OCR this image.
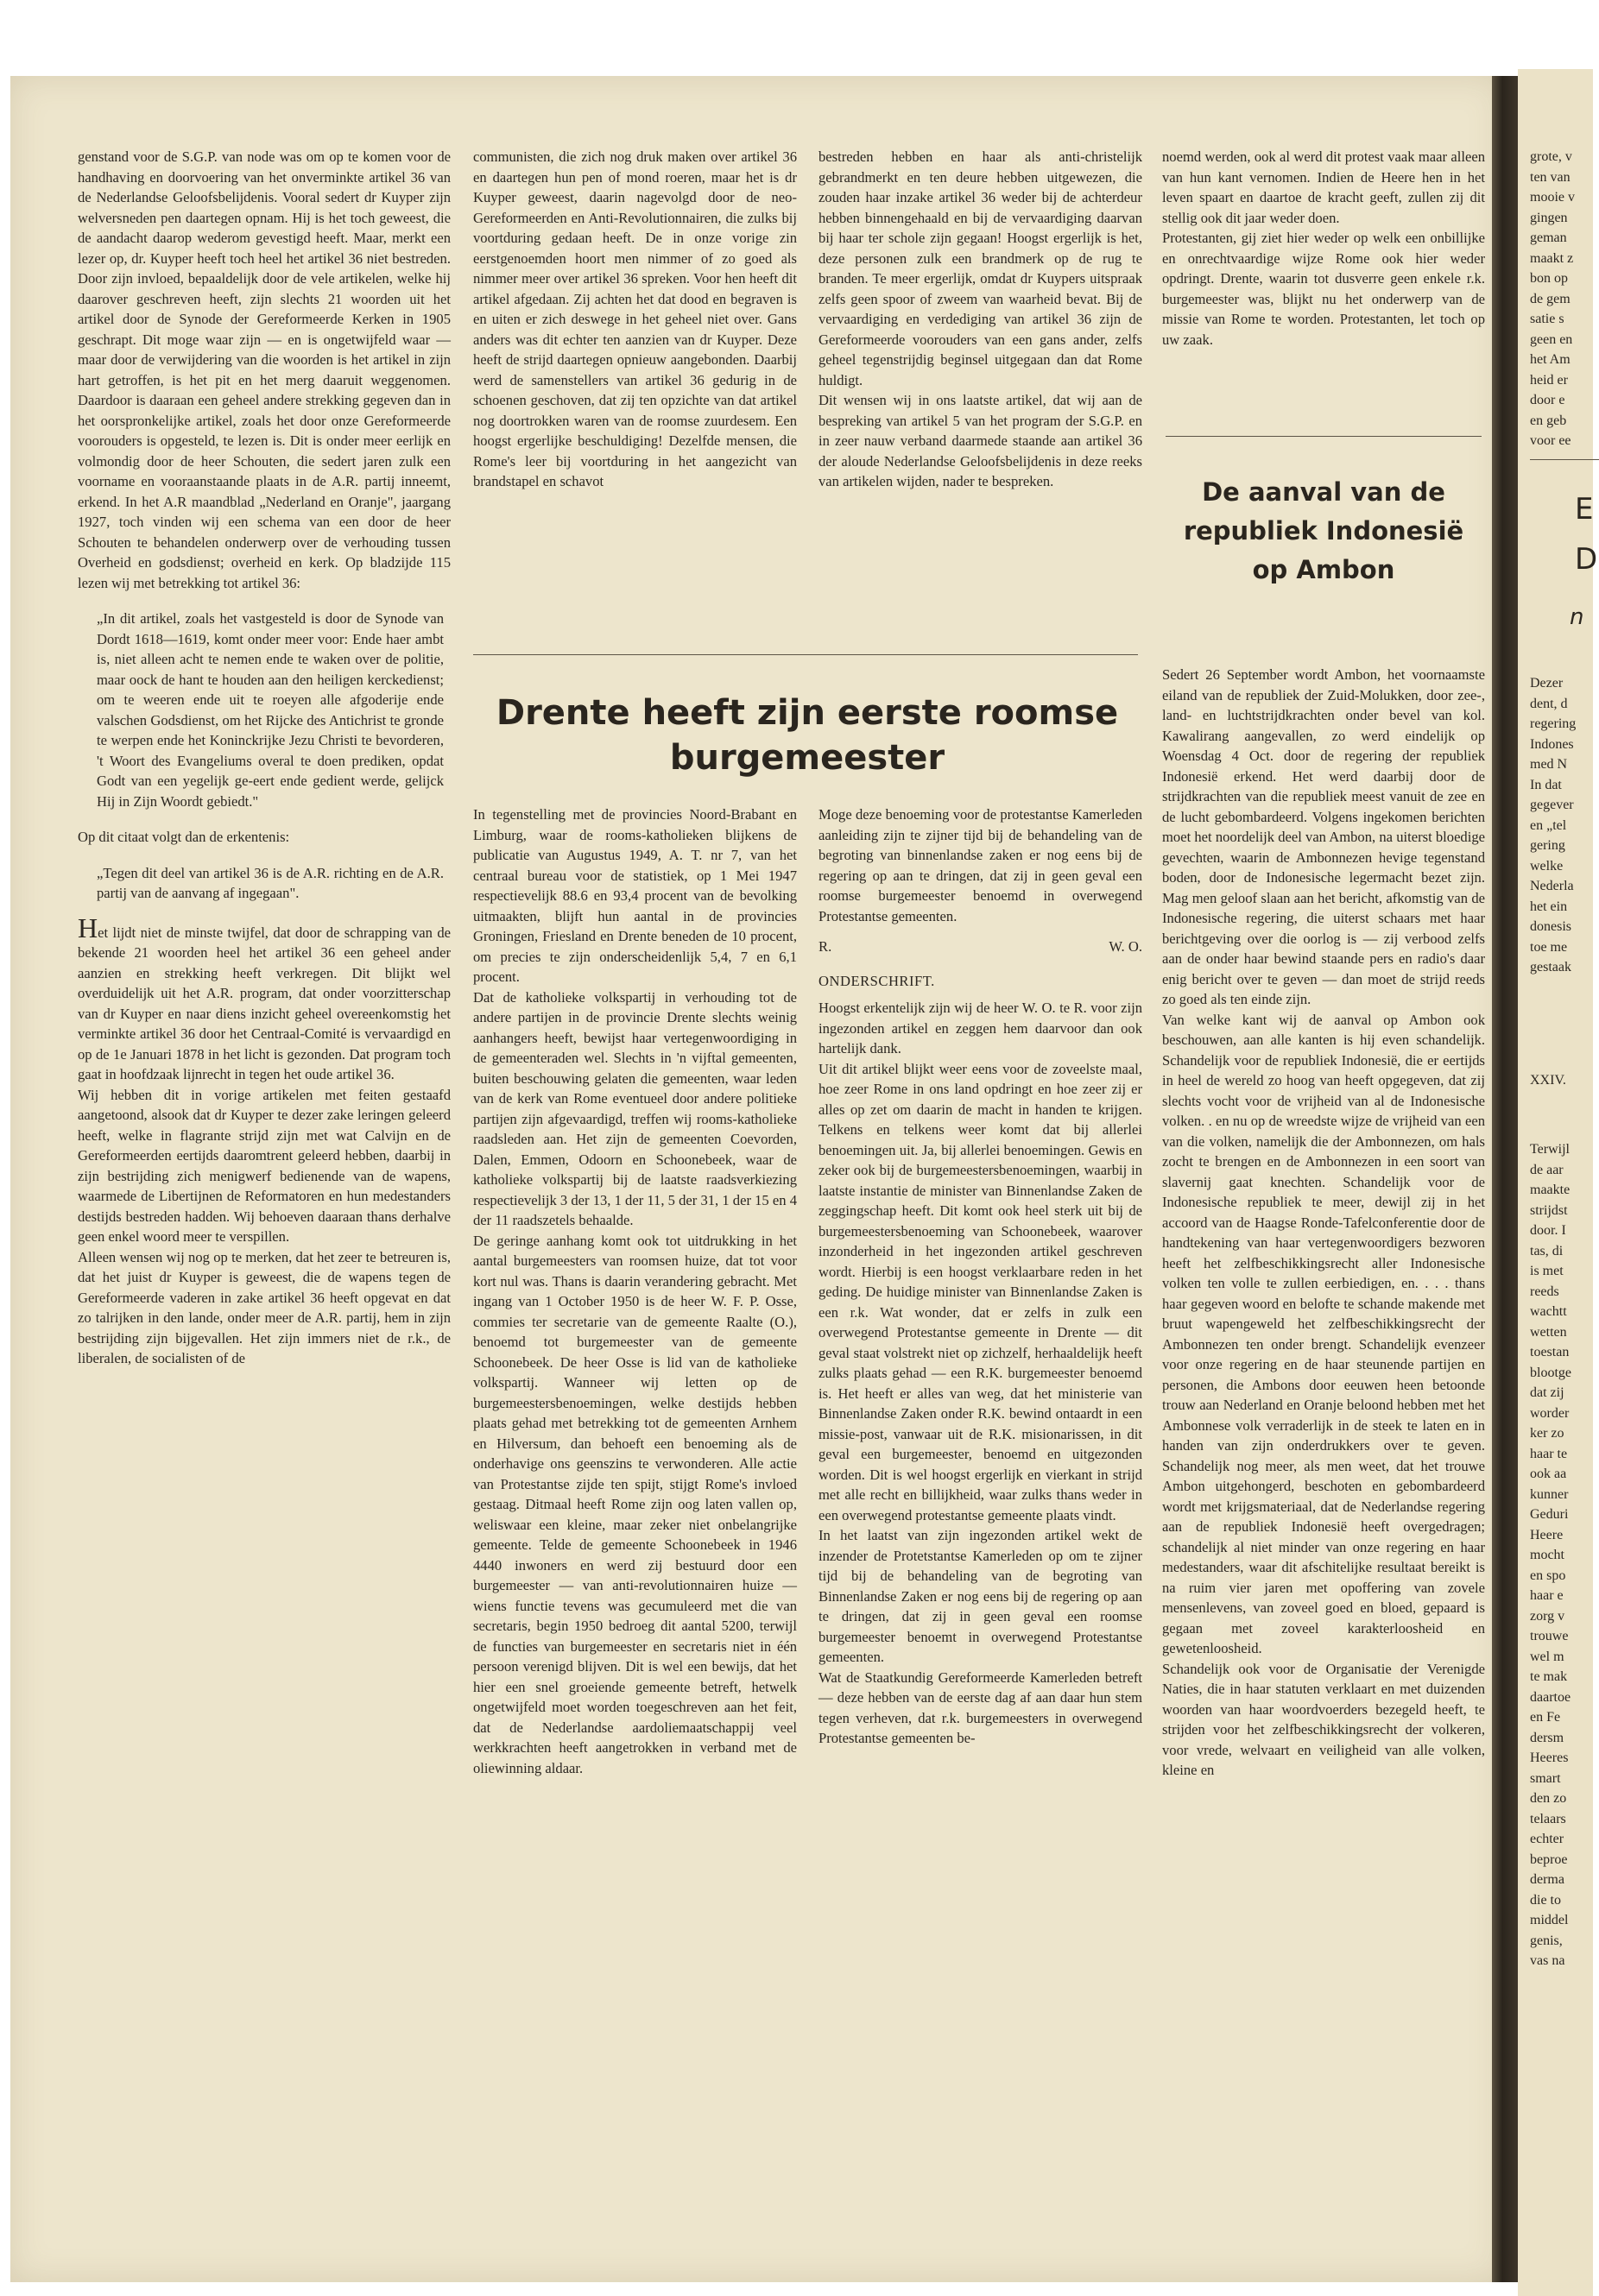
genstand voor de S.G.P. van node was om op te komen voor de handhaving en doorvoering van het onverminkte artikel 36 van de Nederlandse Geloofsbelijdenis. Vooral sedert dr Kuyper zijn welversneden pen daartegen opnam. Hij is het toch geweest, die de aandacht daarop wederom gevestigd heeft. Maar, merkt een lezer op, dr. Kuyper heeft toch heel het artikel 36 niet bestreden. Door zijn invloed, bepaaldelijk door de vele artikelen, welke hij daarover geschreven heeft, zijn slechts 21 woorden uit het artikel door de Synode der Gereformeerde Kerken in 1905 geschrapt. Dit moge waar zijn — en is ongetwijfeld waar — maar door de verwijdering van die woorden is het artikel in zijn hart getroffen, is het pit en het merg daaruit weggenomen. Daardoor is daaraan een geheel andere strekking gegeven dan in het oorspronkelijke artikel, zoals het door onze Gereformeerde voorouders is opgesteld, te lezen is. Dit is onder meer eerlijk en volmondig door de heer Schouten, die sedert jaren zulk een voorname en vooraanstaande plaats in de A.R. partij inneemt, erkend. In het A.R maandblad „Nederland en Oranje", jaargang 1927, toch vinden wij een schema van een door de heer Schouten te behandelen onderwerp over de verhouding tussen Overheid en godsdienst; overheid en kerk. Op bladzijde 115 lezen wij met betrekking tot artikel 36:

„In dit artikel, zoals het vastgesteld is door de Synode van Dordt 1618—1619, komt onder meer voor: Ende haer ambt is, niet alleen acht te nemen ende te waken over de politie, maar oock de hant te houden aan den heiligen kerckedienst; om te weeren ende uit te roeyen alle afgoderije ende valschen Godsdienst, om het Rijcke des Antichrist te gronde te werpen ende het Koninckrijke Jezu Christi te bevorderen, 't Woort des Evangeliums overal te doen prediken, opdat Godt van een yegelijk ge-eert ende gedient werde, gelijck Hij in Zijn Woordt gebiedt."

Op dit citaat volgt dan de erkentenis:

„Tegen dit deel van artikel 36 is de A.R. richting en de A.R. partij van de aanvang af ingegaan".

Het lijdt niet de minste twijfel, dat door de schrapping van de bekende 21 woorden heel het artikel 36 een geheel ander aanzien en strekking heeft verkregen. Dit blijkt wel overduidelijk uit het A.R. program, dat onder voorzitterschap van dr Kuyper en naar diens inzicht geheel overeenkomstig het verminkte artikel 36 door het Centraal-Comité is vervaardigd en op de 1e Januari 1878 in het licht is gezonden. Dat program toch gaat in hoofdzaak lijnrecht in tegen het oude artikel 36.

Wij hebben dit in vorige artikelen met feiten gestaafd aangetoond, alsook dat dr Kuyper te dezer zake leringen geleerd heeft, welke in flagrante strijd zijn met wat Calvijn en de Gereformeerden eertijds daaromtrent geleerd hebben, daarbij in zijn bestrijding zich menigwerf bedienende van de wapens, waarmede de Libertijnen de Reformatoren en hun medestanders destijds bestreden hadden. Wij behoeven daaraan thans derhalve geen enkel woord meer te verspillen.

Alleen wensen wij nog op te merken, dat het zeer te betreuren is, dat het juist dr Kuyper is geweest, die de wapens tegen de Gereformeerde vaderen in zake artikel 36 heeft opgevat en dat zo talrijken in den lande, onder meer de A.R. partij, hem in zijn bestrijding zijn bijgevallen. Het zijn immers niet de r.k., de liberalen, de socialisten of de

communisten, die zich nog druk maken over artikel 36 en daartegen hun pen of mond roeren, maar het is dr Kuyper geweest, daarin nagevolgd door de neo-Gereformeerden en Anti-Revolutionnairen, die zulks bij voortduring gedaan heeft. De in onze vorige zin eerstgenoemden hoort men nimmer of zo goed als nimmer meer over artikel 36 spreken. Voor hen heeft dit artikel afgedaan. Zij achten het dat dood en begraven is en uiten er zich deswege in het geheel niet over. Gans anders was dit echter ten aanzien van dr Kuyper. Deze heeft de strijd daartegen opnieuw aangebonden. Daarbij werd de samenstellers van artikel 36 gedurig in de schoenen geschoven, dat zij ten opzichte van dat artikel nog doortrokken waren van de roomse zuurdesem. Een hoogst ergerlijke beschuldiging! Dezelfde mensen, die Rome's leer bij voortduring in het aangezicht van brandstapel en schavot

bestreden hebben en haar als anti-christelijk gebrandmerkt en ten deure hebben uitgewezen, die zouden haar inzake artikel 36 weder bij de achterdeur hebben binnengehaald en bij de vervaardiging daarvan bij haar ter schole zijn gegaan! Hoogst ergerlijk is het, deze personen zulk een brandmerk op de rug te branden. Te meer ergerlijk, omdat dr Kuypers uitspraak zelfs geen spoor of zweem van waarheid bevat. Bij de vervaardiging en verdediging van artikel 36 zijn de Gereformeerde voorouders van een gans ander, zelfs geheel tegenstrijdig beginsel uitgegaan dan dat Rome huldigt.

Dit wensen wij in ons laatste artikel, dat wij aan de bespreking van artikel 5 van het program der S.G.P. en in zeer nauw verband daarmede staande aan artikel 36 der aloude Nederlandse Geloofsbelijdenis in deze reeks van artikelen wijden, nader te bespreken.

Drente heeft zijn eerste roomse burgemeester

In tegenstelling met de provincies Noord-Brabant en Limburg, waar de rooms-katholieken blijkens de publicatie van Augustus 1949, A. T. nr 7, van het centraal bureau voor de statistiek, op 1 Mei 1947 respectievelijk 88.6 en 93,4 procent van de bevolking uitmaakten, blijft hun aantal in de provincies Groningen, Friesland en Drente beneden de 10 procent, om precies te zijn onderscheidenlijk 5,4, 7 en 6,1 procent.

Dat de katholieke volkspartij in verhouding tot de andere partijen in de provincie Drente slechts weinig aanhangers heeft, bewijst haar vertegenwoordiging in de gemeenteraden wel. Slechts in 'n vijftal gemeenten, buiten beschouwing gelaten die gemeenten, waar leden van de kerk van Rome eventueel door andere politieke partijen zijn afgevaardigd, treffen wij rooms-katholieke raadsleden aan. Het zijn de gemeenten Coevorden, Dalen, Emmen, Odoorn en Schoonebeek, waar de katholieke volkspartij bij de laatste raadsverkiezing respectievelijk 3 der 13, 1 der 11, 5 der 31, 1 der 15 en 4 der 11 raadszetels behaalde.

De geringe aanhang komt ook tot uitdrukking in het aantal burgemeesters van roomsen huize, dat tot voor kort nul was. Thans is daarin verandering gebracht. Met ingang van 1 October 1950 is de heer W. F. P. Osse, commies ter secretarie van de gemeente Raalte (O.), benoemd tot burgemeester van de gemeente Schoonebeek. De heer Osse is lid van de katholieke volkspartij. Wanneer wij letten op de burgemeestersbenoemingen, welke destijds hebben plaats gehad met betrekking tot de gemeenten Arnhem en Hilversum, dan behoeft een benoeming als de onderhavige ons geenszins te verwonderen. Alle actie van Protestantse zijde ten spijt, stijgt Rome's invloed gestaag. Ditmaal heeft Rome zijn oog laten vallen op, weliswaar een kleine, maar zeker niet onbelangrijke gemeente. Telde de gemeente Schoonebeek in 1946 4440 inwoners en werd zij bestuurd door een burgemeester — van anti-revolutionnairen huize — wiens functie tevens was gecumuleerd met die van secretaris, begin 1950 bedroeg dit aantal 5200, terwijl de functies van burgemeester en secretaris niet in één persoon verenigd blijven. Dit is wel een bewijs, dat het hier een snel groeiende gemeente betreft, hetwelk ongetwijfeld moet worden toegeschreven aan het feit, dat de Nederlandse aardoliemaatschappij veel werkkrachten heeft aangetrokken in verband met de oliewinning aldaar.

Moge deze benoeming voor de protestantse Kamerleden aanleiding zijn te zijner tijd bij de behandeling van de begroting van binnenlandse zaken er nog eens bij de regering op aan te dringen, dat zij in geen geval een roomse burgemeester benoemd in overwegend Protestantse gemeenten.

R.	W. O.

ONDERSCHRIFT.

Hoogst erkentelijk zijn wij de heer W. O. te R. voor zijn ingezonden artikel en zeggen hem daarvoor dan ook hartelijk dank.

Uit dit artikel blijkt weer eens voor de zoveelste maal, hoe zeer Rome in ons land opdringt en hoe zeer zij er alles op zet om daarin de macht in handen te krijgen. Telkens en telkens weer komt dat bij allerlei benoemingen uit. Ja, bij allerlei benoemingen. Gewis en zeker ook bij de burgemeestersbenoemingen, waarbij in laatste instantie de minister van Binnenlandse Zaken de zeggingschap heeft. Dit komt ook heel sterk uit bij de burgemeestersbenoeming van Schoonebeek, waarover inzonderheid in het ingezonden artikel geschreven wordt. Hierbij is een hoogst verklaarbare reden in het geding. De huidige minister van Binnenlandse Zaken is een r.k. Wat wonder, dat er zelfs in zulk een overwegend Protestantse gemeente in Drente — dit geval staat volstrekt niet op zichzelf, herhaaldelijk heeft zulks plaats gehad — een R.K. burgemeester benoemd is. Het heeft er alles van weg, dat het ministerie van Binnenlandse Zaken onder R.K. bewind ontaardt in een missie-post, vanwaar uit de R.K. misionarissen, in dit geval een burgemeester, benoemd en uitgezonden worden. Dit is wel hoogst ergerlijk en vierkant in strijd met alle recht en billijkheid, waar zulks thans weder in een overwegend protestantse gemeente plaats vindt.

In het laatst van zijn ingezonden artikel wekt de inzender de Protetstantse Kamerleden op om te zijner tijd bij de behandeling van de begroting van Binnenlandse Zaken er nog eens bij de regering op aan te dringen, dat zij in geen geval een roomse burgemeester benoemt in overwegend Protestantse gemeenten.

Wat de Staatkundig Gereformeerde Kamerleden betreft — deze hebben van de eerste dag af aan daar hun stem tegen verheven, dat r.k. burgemeesters in overwegend Protestantse gemeenten be-

noemd werden, ook al werd dit protest vaak maar alleen van hun kant vernomen. Indien de Heere hen in het leven spaart en daartoe de kracht geeft, zullen zij dit stellig ook dit jaar weder doen.

Protestanten, gij ziet hier weder op welk een onbillijke en onrechtvaardige wijze Rome ook hier weder opdringt. Drente, waarin tot dusverre geen enkele r.k. burgemeester was, blijkt nu het onderwerp van de missie van Rome te worden. Protestanten, let toch op uw zaak.

De aanval van de republiek Indonesië op Ambon

Sedert 26 September wordt Ambon, het voornaamste eiland van de republiek der Zuid-Molukken, door zee-, land- en luchtstrijdkrachten onder bevel van kol. Kawalirang aangevallen, zo werd eindelijk op Woensdag 4 Oct. door de regering der republiek Indonesië erkend. Het werd daarbij door de strijdkrachten van die republiek meest vanuit de zee en de lucht gebombardeerd. Volgens ingekomen berichten moet het noordelijk deel van Ambon, na uiterst bloedige gevechten, waarin de Ambonnezen hevige tegenstand boden, door de Indonesische legermacht bezet zijn. Mag men geloof slaan aan het bericht, afkomstig van de Indonesische regering, die uiterst schaars met haar berichtgeving over die oorlog is — zij verbood zelfs aan de onder haar bewind staande pers en radio's daar enig bericht over te geven — dan moet de strijd reeds zo goed als ten einde zijn.

Van welke kant wij de aanval op Ambon ook beschouwen, aan alle kanten is hij even schandelijk. Schandelijk voor de republiek Indonesië, die er eertijds in heel de wereld zo hoog van heeft opgegeven, dat zij slechts vocht voor de vrijheid van al de Indonesische volken. . en nu op de wreedste wijze de vrijheid van een van die volken, namelijk die der Ambonnezen, om hals zocht te brengen en de Ambonnezen in een soort van slavernij gaat knechten. Schandelijk voor de Indonesische republiek te meer, dewijl zij in het accoord van de Haagse Ronde-Tafelconferentie door de handtekening van haar vertegenwoordigers bezworen heeft het zelfbeschikkingsrecht aller Indonesische volken ten volle te zullen eerbiedigen, en. . . . thans haar gegeven woord en belofte te schande makende met bruut wapengeweld het zelfbeschikkingsrecht der Ambonnezen ten onder brengt. Schandelijk evenzeer voor onze regering en de haar steunende partijen en personen, die Ambons door eeuwen heen betoonde trouw aan Nederland en Oranje beloond hebben met het Ambonnese volk verraderlijk in de steek te laten en in handen van zijn onderdrukkers over te geven. Schandelijk nog meer, als men weet, dat het trouwe Ambon uitgehongerd, beschoten en gebombardeerd wordt met krijgsmateriaal, dat de Nederlandse regering aan de republiek Indonesië heeft overgedragen; schandelijk al niet minder van onze regering en haar medestanders, waar dit afschitelijke resultaat bereikt is na ruim vier jaren met opoffering van zovele mensenlevens, van zoveel goed en bloed, gepaard is gegaan met zoveel karakterloosheid en gewetenloosheid.

Schandelijk ook voor de Organisatie der Verenigde Naties, die in haar statuten verklaart en met duizenden woorden van haar woordvoerders bezegeld heeft, te strijden voor het zelfbeschikkingsrecht der volkeren, voor vrede, welvaart en veiligheid van alle volken, kleine en

grote, v
ten van
mooie v
gingen
geman
maakt z
bon op
de gem
satie s
geen en
het Am
heid er
door e
en geb
voor ee
E
D
n
Dezer
dent, d
regering
Indones
med N
In dat
gegever
en „tel
gering
welke
Nederla
het ein
donesis
toe me
gestaak
XXIV.
Terwijl
de aar
maakte
strijdst
door. I
tas, di
is met
reeds
wachtt
wetten
toestan
blootge
dat zij
worder
ker zo
haar te
ook aa
kunner
Geduri
Heere
mocht
en spo
haar e
zorg v
trouwe
wel m
te mak
daartoe
en Fe
dersm
Heeres
smart
den zo
telaars
echter
beproe
derma
die to
middel
genis,
vas na
